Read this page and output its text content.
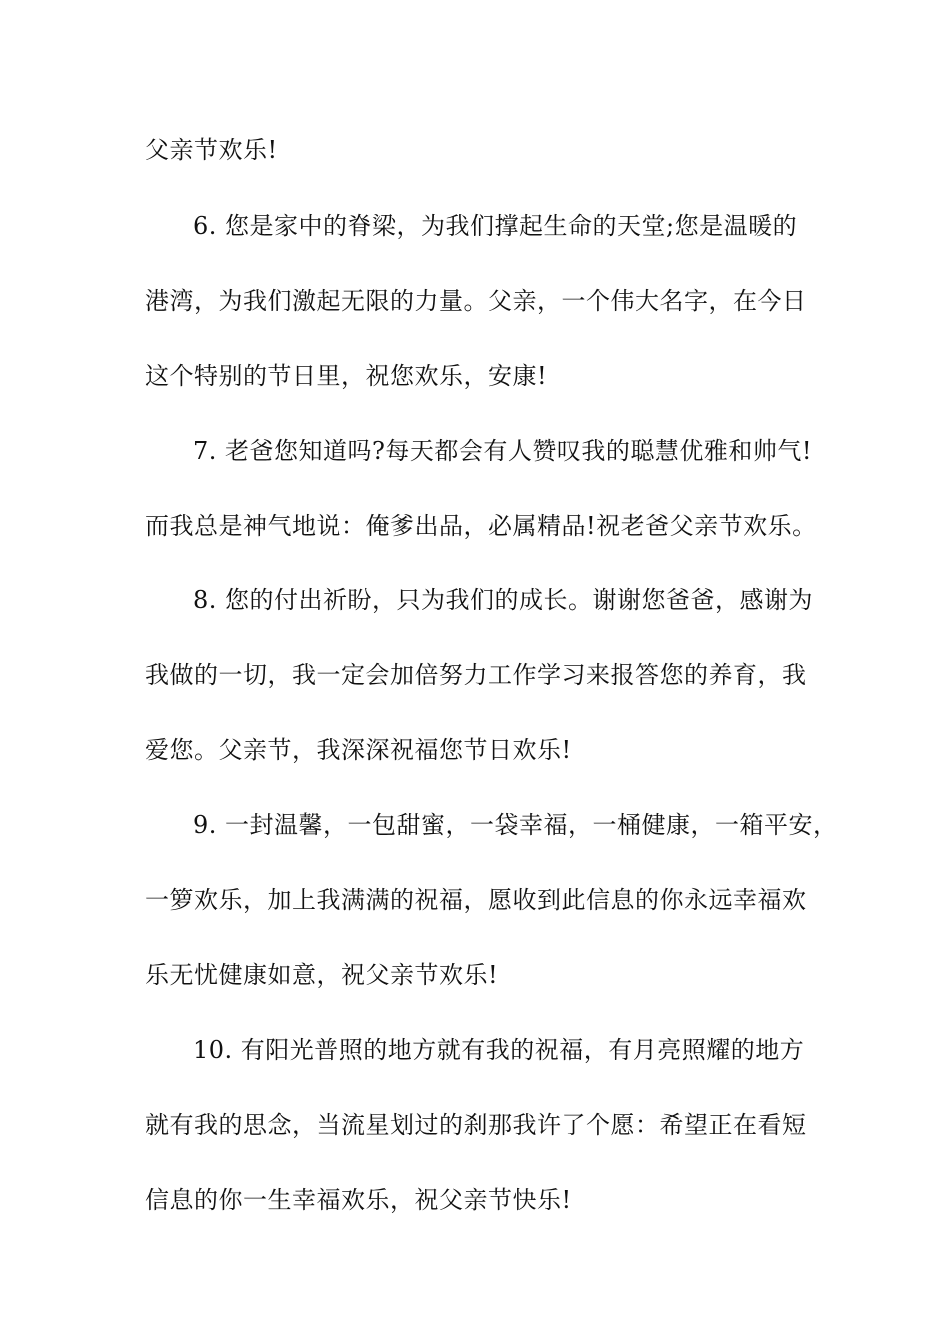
父亲节欢乐!
6. 您是家中的脊梁，为我们撑起生命的天堂;您是温暖的
港湾，为我们激起无限的力量。父亲，一个伟大名字，在今日
这个特别的节日里，祝您欢乐，安康!
7. 老爸您知道吗?每天都会有人赞叹我的聪慧优雅和帅气!
而我总是神气地说：俺爹出品，必属精品!祝老爸父亲节欢乐。
8. 您的付出祈盼，只为我们的成长。谢谢您爸爸，感谢为
我做的一切，我一定会加倍努力工作学习来报答您的养育，我
爱您。父亲节，我深深祝福您节日欢乐!
9. 一封温馨，一包甜蜜，一袋幸福，一桶健康，一箱平安，
一箩欢乐，加上我满满的祝福，愿收到此信息的你永远幸福欢
乐无忧健康如意，祝父亲节欢乐!
10. 有阳光普照的地方就有我的祝福，有月亮照耀的地方
就有我的思念，当流星划过的刹那我许了个愿：希望正在看短
信息的你一生幸福欢乐，祝父亲节快乐!
